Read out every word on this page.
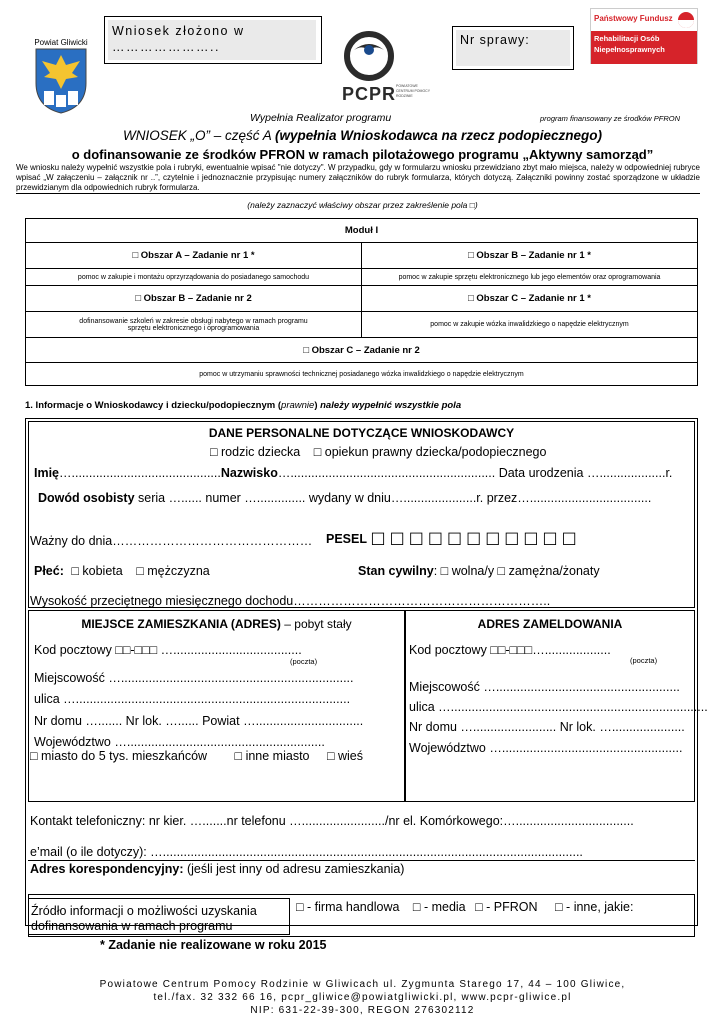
Powiat Gliwicki
Wniosek złożono w
…………………..
PCPR POWIATOWE CENTRUM POMOCY RODZINIE
Nr sprawy:
Państwowy Fundusz
Rehabilitacji Osób
Niepełnosprawnych
Wypełnia Realizator programu	program finansowany ze środków PFRON
WNIOSEK „O” – część A (wypełnia Wnioskodawca na rzecz podopiecznego)
o dofinansowanie ze środków PFRON w ramach pilotażowego programu „Aktywny samorząd”
We wniosku należy wypełnić wszystkie pola i rubryki, ewentualnie wpisać "nie dotyczy". W przypadku, gdy w formularzu wniosku przewidziano zbyt mało miejsca, należy w odpowiedniej rubryce wpisać „W załączeniu – załącznik nr ..”, czytelnie i jednoznacznie przypisując numery załączników do rubryk formularza, których dotyczą. Załączniki powinny zostać sporządzone w układzie przewidzianym dla odpowiednich rubryk formularza.
(należy zaznaczyć właściwy obszar przez zakreślenie pola □)
Moduł I	
□ Obszar A – Zadanie nr 1 *	□ Obszar B – Zadanie nr 1 *
pomoc w zakupie i montażu oprzyrządowania do posiadanego samochodu	pomoc w zakupie sprzętu elektronicznego lub jego elementów oraz oprogramowania
□ Obszar B – Zadanie nr 2	□ Obszar C – Zadanie nr 1 *
dofinansowanie szkoleń w zakresie obsługi nabytego w ramach programu sprzętu elektronicznego i oprogramowania	pomoc w zakupie wózka inwalidzkiego o napędzie elektrycznym
□ Obszar C – Zadanie nr 2	
pomoc w utrzymaniu sprawności technicznej posiadanego wózka inwalidzkiego o napędzie elektrycznym	
1. Informacje o Wnioskodawcy i dziecku/podopiecznym (prawnie) należy wypełnić wszystkie pola
DANE PERSONALNE DOTYCZĄCE WNIOSKODAWCY
□ rodzic dziecka □ opiekun prawny dziecka/podopiecznego
Imię…...........................................Nazwisko…........................................................... Data urodzenia …...................r.
Dowód osobisty seria …...... numer ….............. wydany w dniu….....................r. przez…...................................
Ważny do dnia………………………………………… PESEL □□□□□□□□□□□
Płeć: □ kobieta □ mężczyzna	Stan cywilny: □ wolna/y □ zamężna/żonaty
Wysokość przeciętnego miesięcznego dochodu……………………………………………………..
MIEJSCE ZAMIESZKANIA (ADRES) – pobyt stały	ADRES ZAMELDOWANIA
Kod pocztowy □□-□□□ ….....................................
(poczta)
Miejscowość …...................................................................
ulica …...............................................................................
Nr domu …....... Nr lok. …...... Powiat …...............................
Województwo ….........................................................
□ miasto do 5 tys. mieszkańców □ inne miasto □ wieś
Kod pocztowy □□-□□□…...................
(poczta)
Miejscowość ….....................................................
ulica …..........................................................................
Nr domu …........................ Nr lok. ….....................
Województwo …....................................................
Kontakt telefoniczny: nr kier. ….......nr telefonu …......................../nr el. Komórkowego:…..................................
e’mail (o ile dotyczy): ….........................................................................................................................
Adres korespondencyjny: (jeśli jest inny od adresu zamieszkania)
Źródło informacji o możliwości uzyskania dofinansowania w ramach programu
□ - firma handlowa □ - media □ - PFRON □ - inne, jakie:
* Zadanie nie realizowane w roku 2015
Powiatowe Centrum Pomocy Rodzinie w Gliwicach ul. Zygmunta Starego 17, 44 – 100 Gliwice,
tel./fax. 32 332 66 16, pcpr_gliwice@powiatgliwicki.pl, www.pcpr-gliwice.pl
NIP: 631-22-39-300, REGON 276302112
